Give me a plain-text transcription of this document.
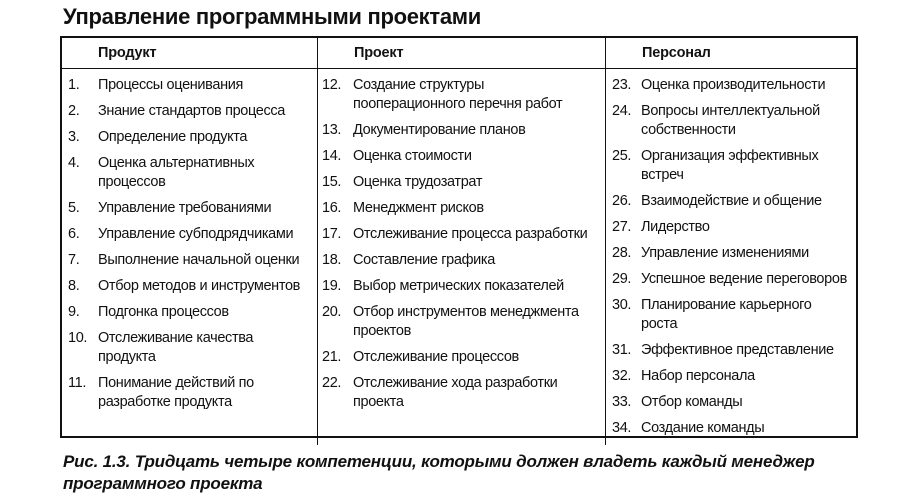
Управление программными проектами
Продукт
1.	Процессы оценивания
2.	Знание стандартов процесса
3.	Определение продукта
4.	Оценка альтернативных процессов
5.	Управление требованиями
6.	Управление субподрядчиками
7.	Выполнение начальной оценки
8.	Отбор методов и инструментов
9.	Подгонка процессов
10. Отслеживание качества продукта
11. Понимание действий по разработке продукта
Проект
12. Создание структуры пооперационного перечня работ
13. Документирование планов
14. Оценка стоимости
15. Оценка трудозатрат
16. Менеджмент рисков
17. Отслеживание процесса разработки
18. Составление графика
19. Выбор метрических показателей
20. Отбор инструментов менеджмента проектов
21. Отслеживание процессов
22. Отслеживание хода разработки проекта
Персонал
23. Оценка производительности
24. Вопросы интеллектуальной собственности
25. Организация эффективных встреч
26. Взаимодействие и общение
27. Лидерство
28. Управление изменениями
29. Успешное ведение переговоров
30. Планирование карьерного роста
31. Эффективное представление
32. Набор персонала
33. Отбор команды
34. Создание команды
Рис. 1.3. Тридцать четыре компетенции, которыми должен владеть каждый менеджер программного проекта
